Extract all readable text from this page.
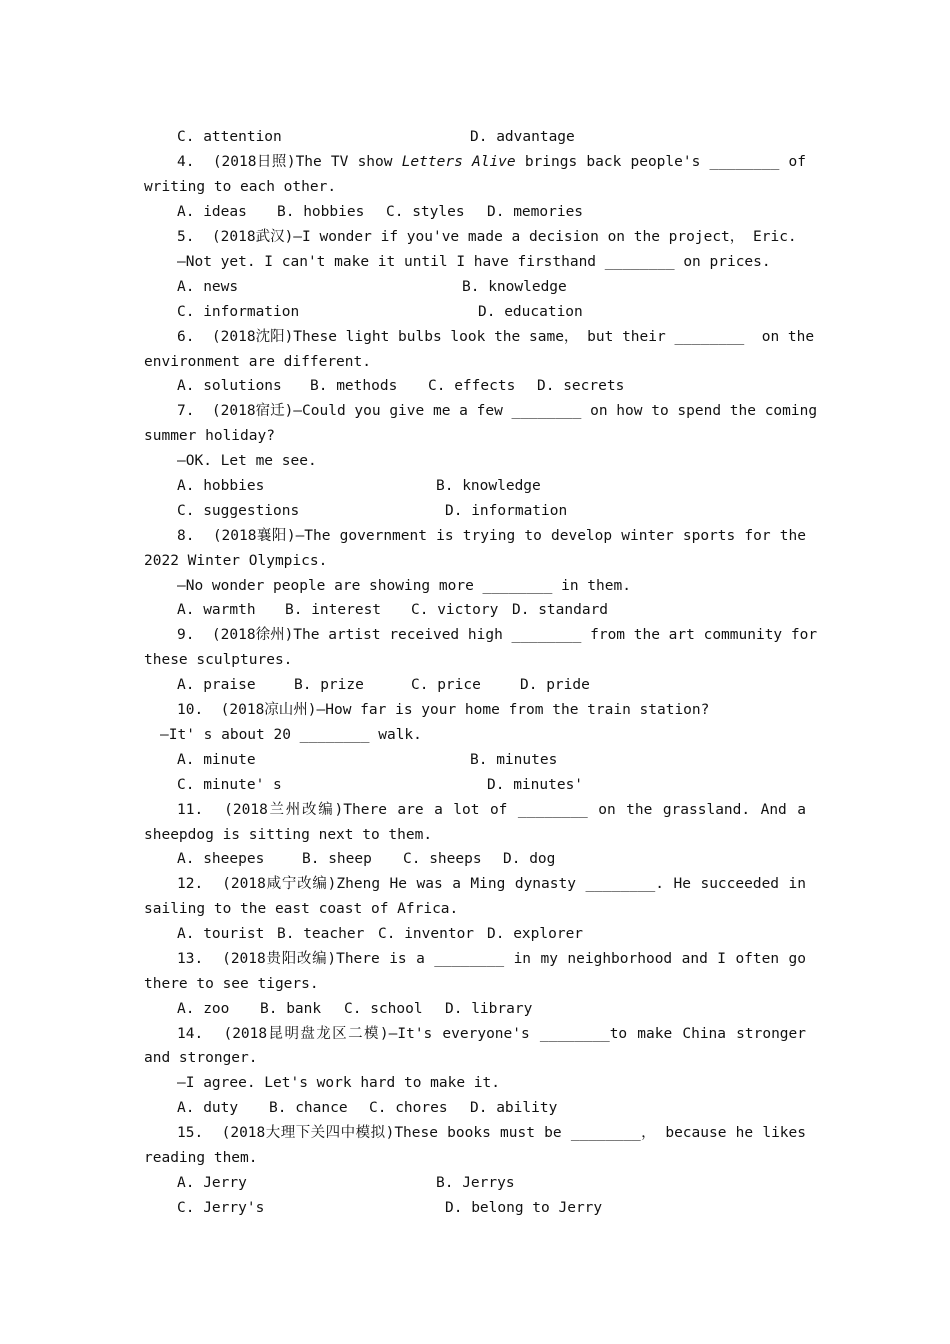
C. attention	D. advantage
4.  (2018日照)The TV show Letters Alive brings back people's ________ of
writing to each other.
A. ideas B. hobbies C. styles D. memories
5.  (2018武汉)—I wonder if you've made a decision on the project， Eric.
—Not yet. I can't make it until I have firsthand ________ on prices.
A. news	B. knowledge
C. information	D. education
6.  (2018沈阳)These light bulbs look the same， but their ________  on the
environment are different.
A. solutions B. methods C. effects D. secrets
7.  (2018宿迁)—Could you give me a few ________ on how to spend the coming
summer holiday?
—OK. Let me see.
A. hobbies	B. knowledge
C. suggestions	D. information
8.  (2018襄阳)—The government is trying to develop winter sports for the
2022 Winter Olympics.
—No wonder people are showing more ________ in them.
A. warmth B. interest C. victory D. standard
9.  (2018徐州)The artist received high ________ from the art community for
these sculptures.
A. praise	B. prize	C. price	D. pride
10.  (2018凉山州)—How far is your home from the train station?
—It' s about 20 ________ walk.
A. minute	B. minutes
C. minute' s	D. minutes'
11.  (2018兰州改编)There are a lot of ________ on the grassland. And a
sheepdog is sitting next to them.
A. sheepes	B. sheep C. sheeps D. dog
12.  (2018咸宁改编)Zheng He was a Ming dynasty ________. He succeeded in
sailing to the east coast of Africa.
A. tourist B. teacher C. inventor D. explorer
13.  (2018贵阳改编)There is a ________ in my neighborhood and I often go
there to see tigers.
A. zoo B. bank C. school D. library
14.  (2018昆明盘龙区二模)—It's everyone's ________to make China stronger
and stronger.
—I agree. Let's work hard to make it.
A. duty B. chance C. chores D. ability
15.  (2018大理下关四中模拟)These books must be ________， because he likes
reading them.
A. Jerry	B. Jerrys
C. Jerry's	D. belong to Jerry
